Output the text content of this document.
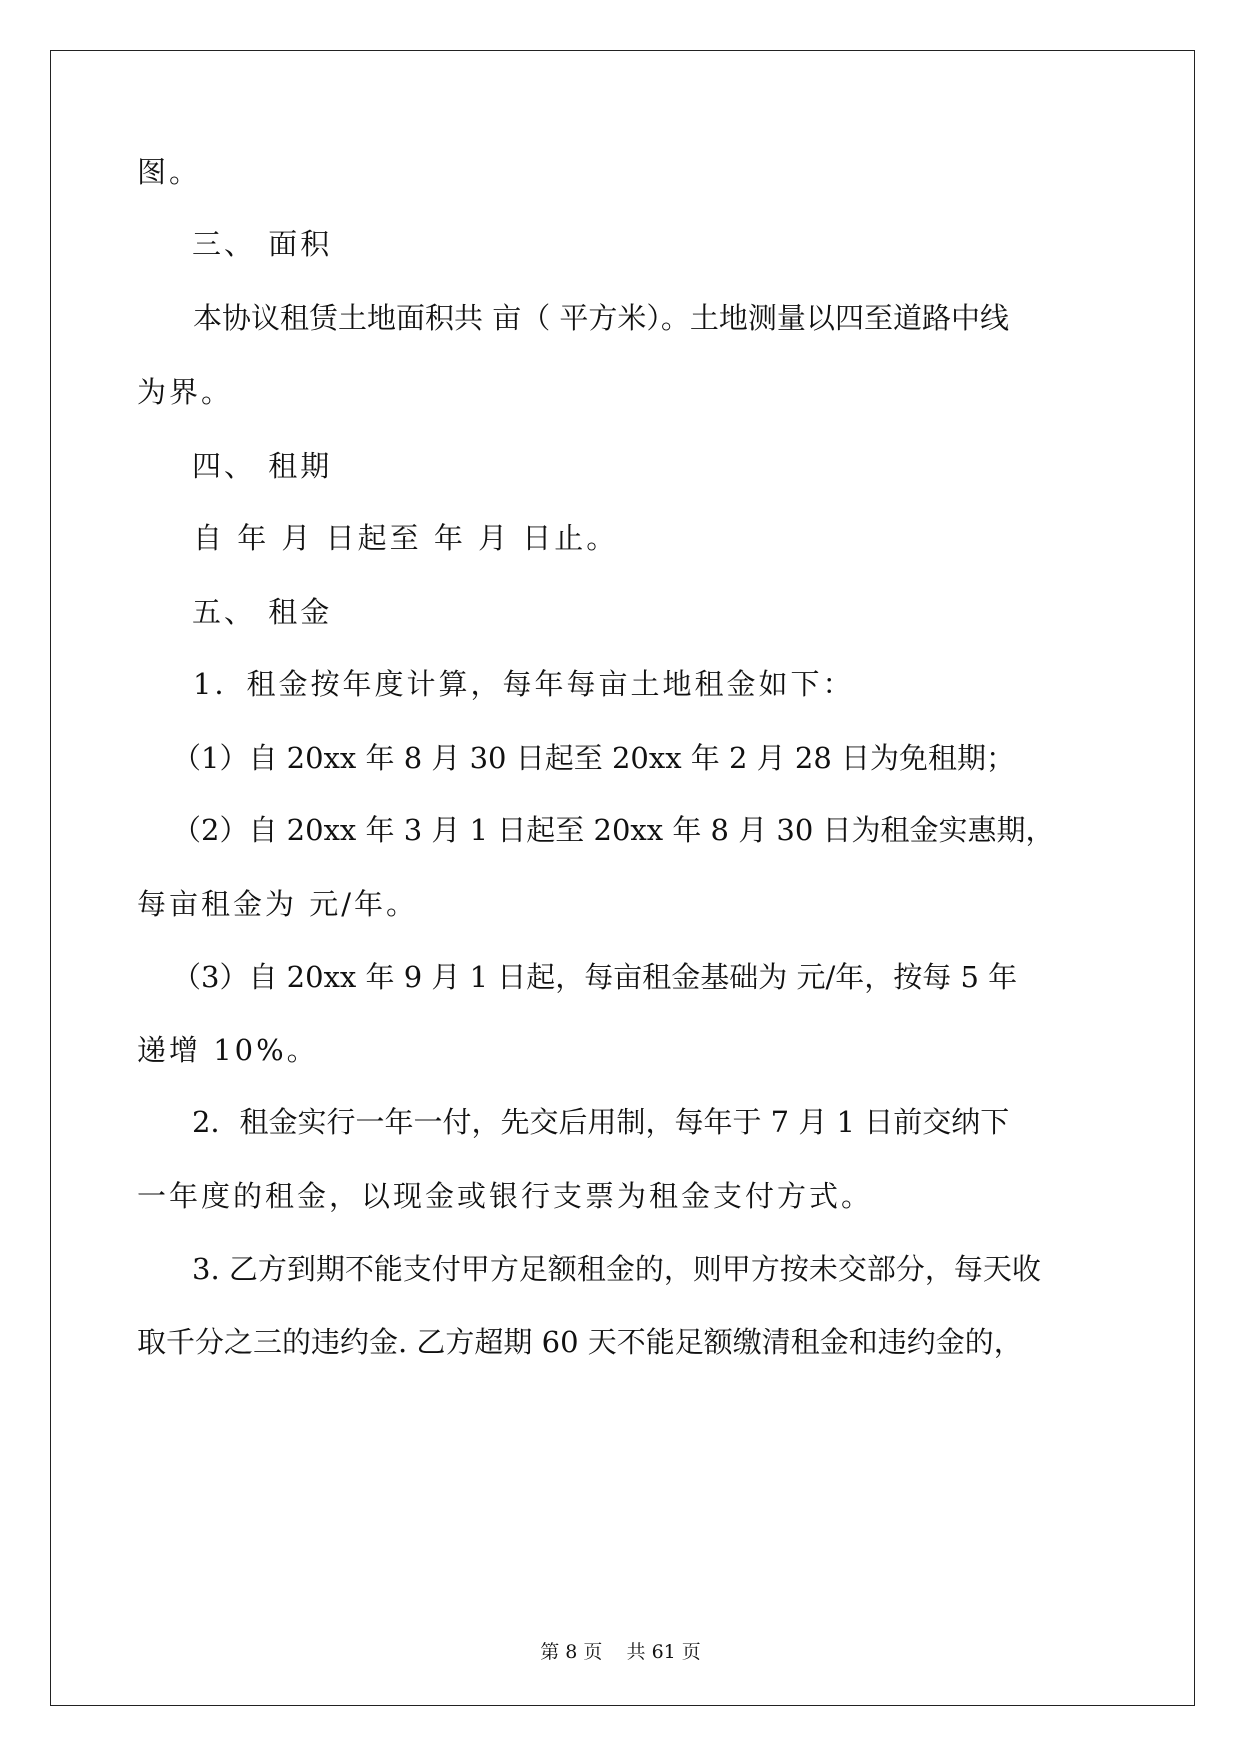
图。
三、 面积
本协议租赁土地面积共 亩（ 平方米）。土地测量以四至道路中线
为界。
四、 租期
自 年 月 日起至 年 月 日止。
五、 租金
1．租金按年度计算，每年每亩土地租金如下：
（1）自 20xx 年 8 月 30 日起至 20xx 年 2 月 28 日为免租期；
（2）自 20xx 年 3 月 1 日起至 20xx 年 8 月 30 日为租金实惠期，
每亩租金为 元/年。
（3）自 20xx 年 9 月 1 日起，每亩租金基础为 元/年，按每 5 年
递增 10%。
2．租金实行一年一付，先交后用制，每年于 7 月 1 日前交纳下
一年度的租金，以现金或银行支票为租金支付方式。
3. 乙方到期不能支付甲方足额租金的，则甲方按未交部分，每天收
取千分之三的违约金. 乙方超期 60 天不能足额缴清租金和违约金的，
第 8 页    共 61 页
